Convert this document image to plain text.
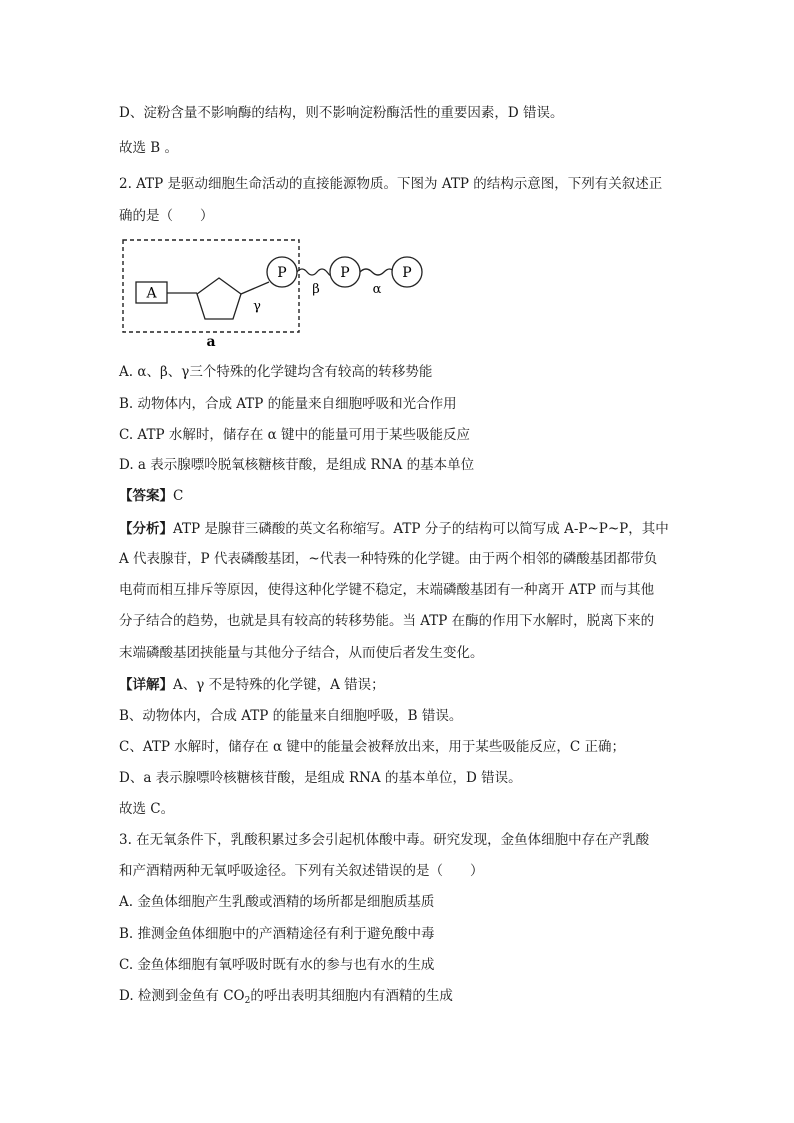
D、淀粉含量不影响酶的结构，则不影响淀粉酶活性的重要因素，D 错误。
故选 B 。
2. ATP 是驱动细胞生命活动的直接能源物质。下图为 ATP 的结构示意图，下列有关叙述正
确的是（　　）
A
γ
P
β
P
α
P
a
A. α、β、γ三个特殊的化学键均含有较高的转移势能
B. 动物体内，合成 ATP 的能量来自细胞呼吸和光合作用
C. ATP 水解时，储存在 α 键中的能量可用于某些吸能反应
D. a 表示腺嘌呤脱氧核糖核苷酸，是组成 RNA 的基本单位
【答案】C
【分析】ATP 是腺苷三磷酸的英文名称缩写。ATP 分子的结构可以简写成 A-P~P~P，其中
A 代表腺苷，P 代表磷酸基团，~代表一种特殊的化学键。由于两个相邻的磷酸基团都带负
电荷而相互排斥等原因，使得这种化学键不稳定，末端磷酸基团有一种离开 ATP 而与其他
分子结合的趋势，也就是具有较高的转移势能。当 ATP 在酶的作用下水解时，脱离下来的
末端磷酸基团挟能量与其他分子结合，从而使后者发生变化。
【详解】A、γ 不是特殊的化学键，A 错误；
B、动物体内，合成 ATP 的能量来自细胞呼吸，B 错误。
C、ATP 水解时，储存在 α 键中的能量会被释放出来，用于某些吸能反应，C 正确；
D、a 表示腺嘌呤核糖核苷酸，是组成 RNA 的基本单位，D 错误。
故选 C。
3. 在无氧条件下，乳酸积累过多会引起机体酸中毒。研究发现，金鱼体细胞中存在产乳酸
和产酒精两种无氧呼吸途径。下列有关叙述错误的是（　　）
A. 金鱼体细胞产生乳酸或酒精的场所都是细胞质基质
B. 推测金鱼体细胞中的产酒精途径有利于避免酸中毒
C. 金鱼体细胞有氧呼吸时既有水的参与也有水的生成
D. 检测到金鱼有 $CO_2$的呼出表明其细胞内有酒精的生成
